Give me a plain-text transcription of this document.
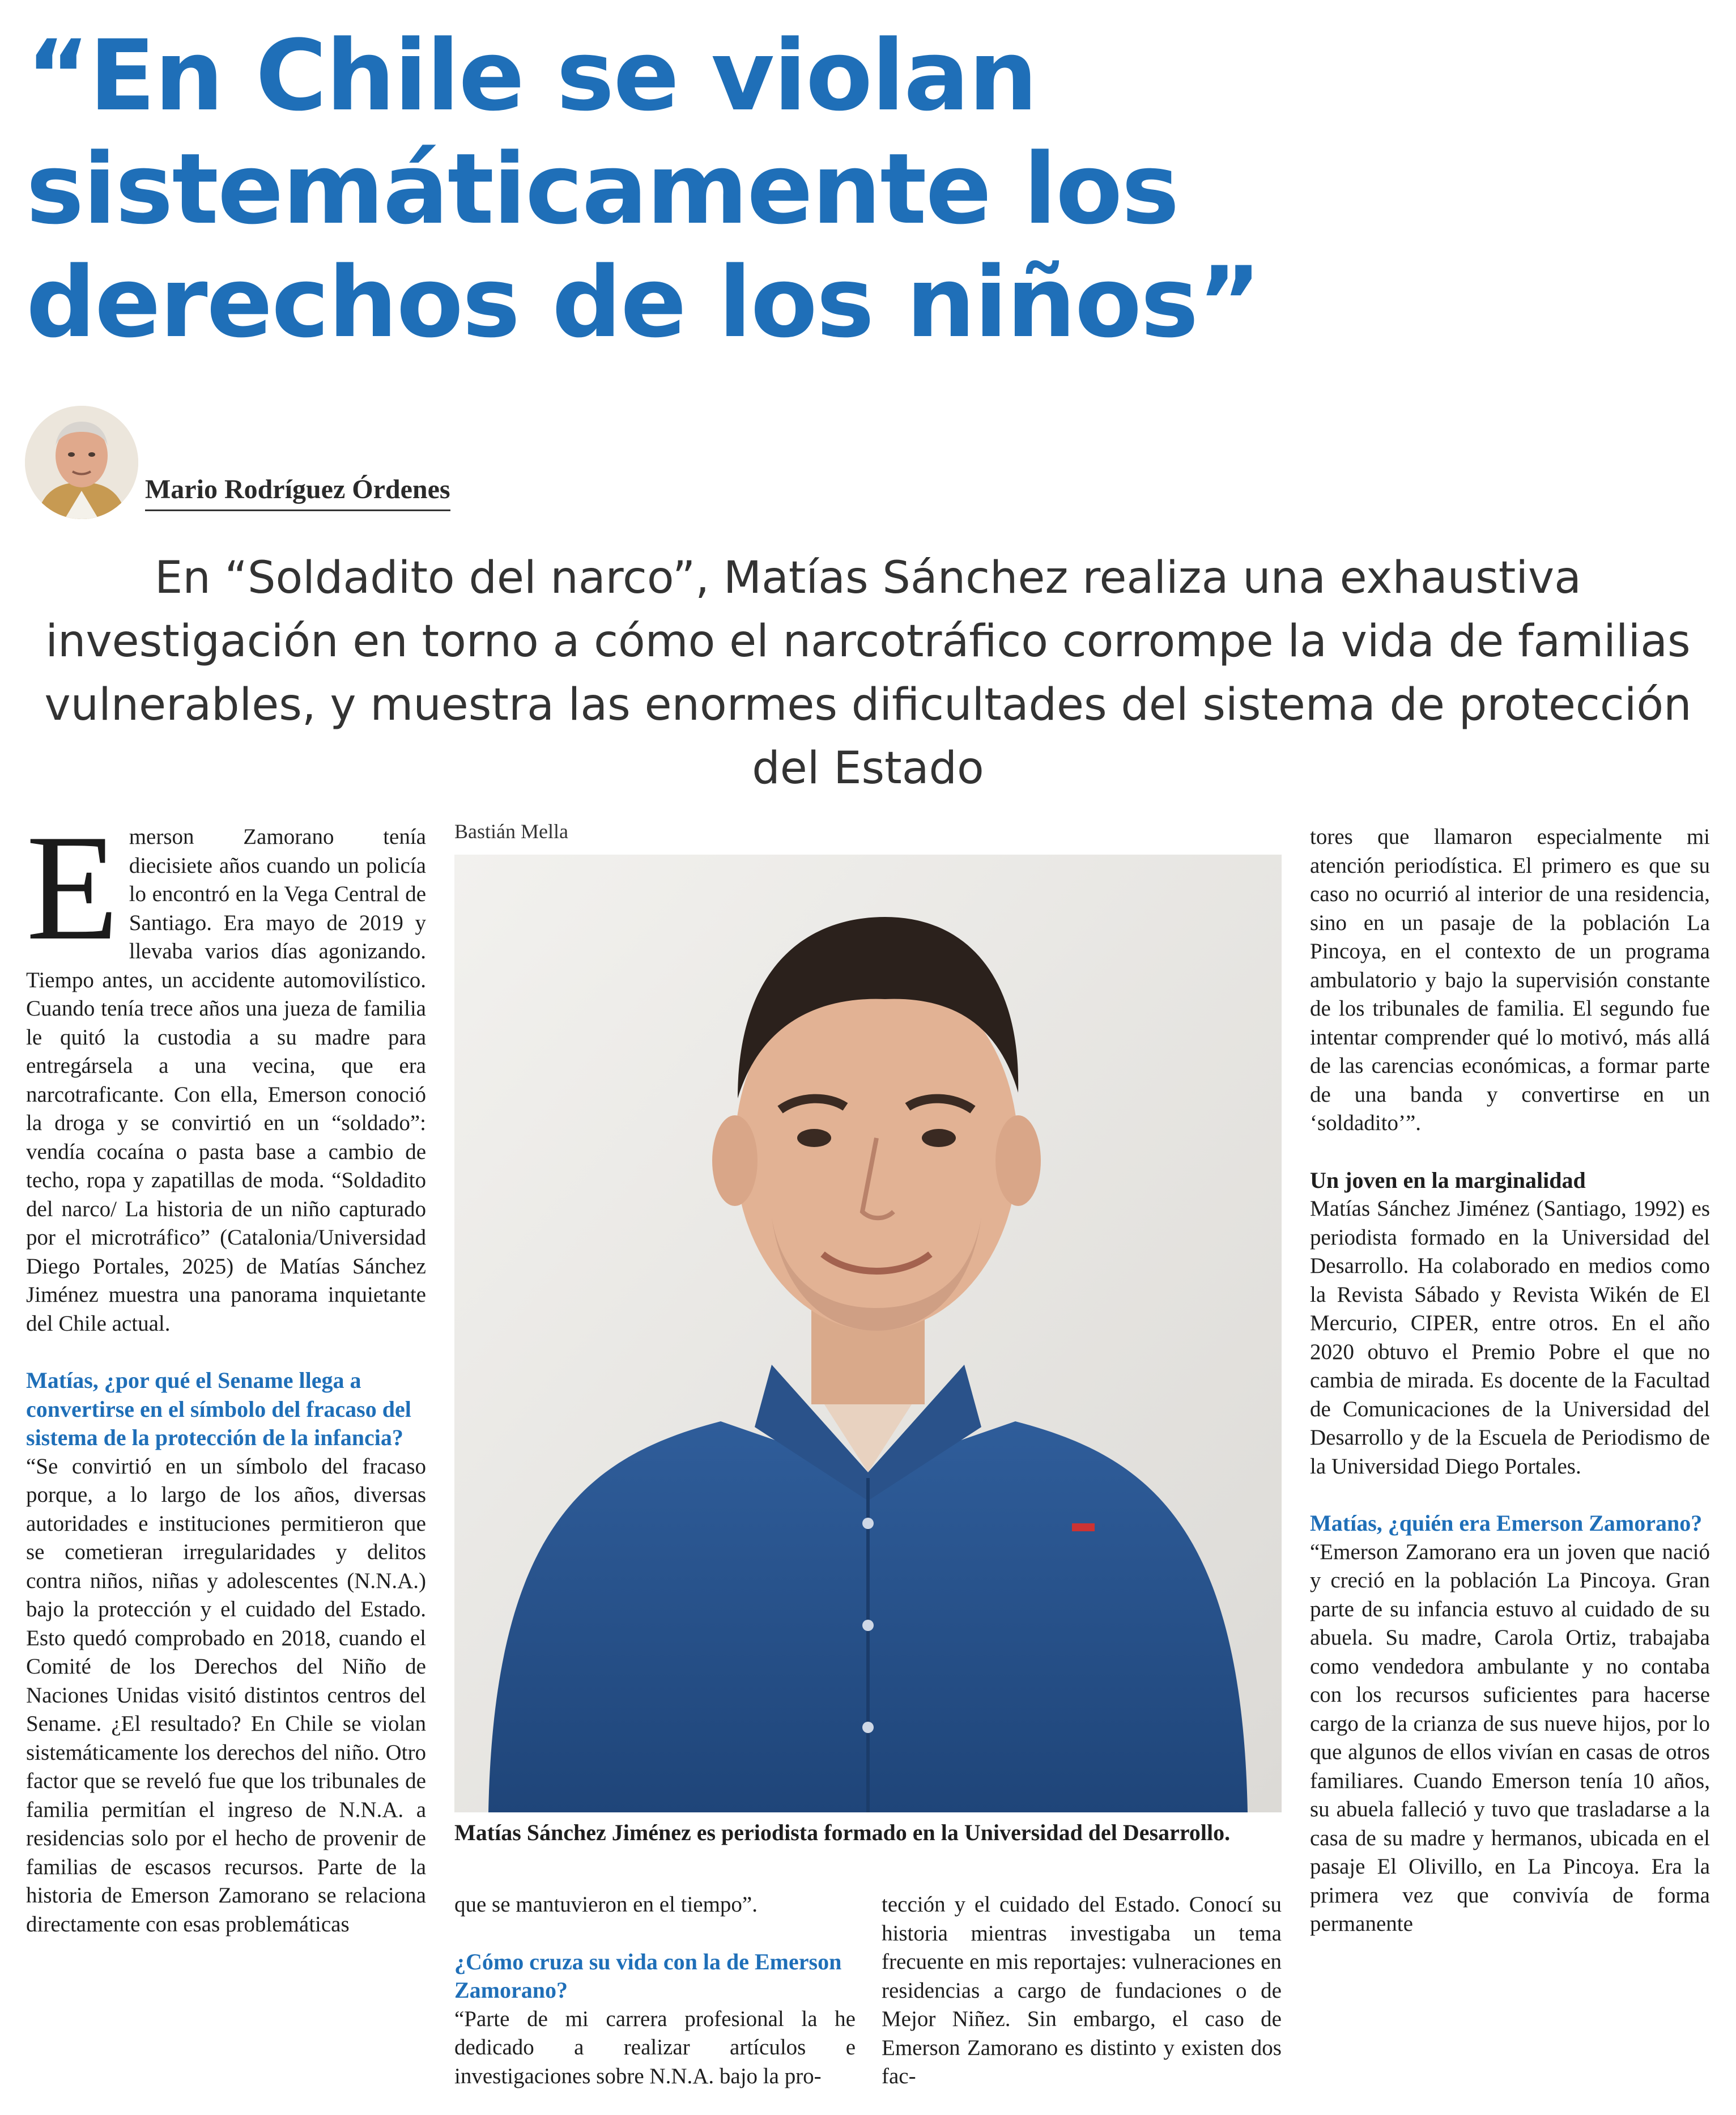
“En Chile se violan sistemáticamente los derechos de los niños”
Mario Rodríguez Órdenes

En “Soldadito del narco”, Matías Sánchez realiza una exhaustiva investigación en torno a cómo el narcotráfico corrompe la vida de familias vulnerables, y muestra las enormes dificultades del sistema de protección del Estado

E merson Zamorano tenía diecisiete años cuando un policía lo encontró en la Vega Central de Santiago. Era mayo de 2019 y llevaba varios días agonizando. Tiempo antes, un accidente automovilístico. Cuando tenía trece años una jueza de familia le quitó la custodia a su madre para entregársela a una vecina, que era narcotraficante. Con ella, Emerson conoció la droga y se convirtió en un “soldado”: vendía cocaína o pasta base a cambio de techo, ropa y zapatillas de moda. “Soldadito del narco/ La historia de un niño capturado por el microtráfico” (Catalonia/Universidad Diego Portales, 2025) de Matías Sánchez Jiménez muestra una panorama inquietante del Chile actual.

Matías, ¿por qué el Sename llega a convertirse en el símbolo del fracaso del sistema de la protección de la infancia?

“Se convirtió en un símbolo del fracaso porque, a lo largo de los años, diversas autoridades e instituciones permitieron que se cometieran irregularidades y delitos contra niños, niñas y adolescentes (N.N.A.) bajo la protección y el cuidado del Estado. Esto quedó comprobado en 2018, cuando el Comité de los Derechos del Niño de Naciones Unidas visitó distintos centros del Sename. ¿El resultado? En Chile se violan sistemáticamente los derechos del niño. Otro factor que se reveló fue que los tribunales de familia permitían el ingreso de N.N.A. a residencias solo por el hecho de provenir de familias de escasos recursos. Parte de la historia de Emerson Zamorano se relaciona directamente con esas problemáticas

Bastián Mella

Matías Sánchez Jiménez es periodista formado en la Universidad del Desarrollo.

que se mantuvieron en el tiempo”.

¿Cómo cruza su vida con la de Emerson Zamorano?

“Parte de mi carrera profesional la he dedicado a realizar artículos e investigaciones sobre N.N.A. bajo la pro-

tección y el cuidado del Estado. Conocí su historia mientras investigaba un tema frecuente en mis reportajes: vulneraciones en residencias a cargo de fundaciones o de Mejor Niñez. Sin embargo, el caso de Emerson Zamorano es distinto y existen dos fac-

tores que llamaron especialmente mi atención periodística. El primero es que su caso no ocurrió al interior de una residencia, sino en un pasaje de la población La Pincoya, en el contexto de un programa ambulatorio y bajo la supervisión constante de los tribunales de familia. El segundo fue intentar comprender qué lo motivó, más allá de las carencias económicas, a formar parte de una banda y convertirse en un ‘soldadito’”.

Un joven en la marginalidad

Matías Sánchez Jiménez (Santiago, 1992) es periodista formado en la Universidad del Desarrollo. Ha colaborado en medios como la Revista Sábado y Revista Wikén de El Mercurio, CIPER, entre otros. En el año 2020 obtuvo el Premio Pobre el que no cambia de mirada. Es docente de la Facultad de Comunicaciones de la Universidad del Desarrollo y de la Escuela de Periodismo de la Universidad Diego Portales.

Matías, ¿quién era Emerson Zamorano?

“Emerson Zamorano era un joven que nació y creció en la población La Pincoya. Gran parte de su infancia estuvo al cuidado de su abuela. Su madre, Carola Ortiz, trabajaba como vendedora ambulante y no contaba con los recursos suficientes para hacerse cargo de la crianza de sus nueve hijos, por lo que algunos de ellos vivían en casas de otros familiares. Cuando Emerson tenía 10 años, su abuela falleció y tuvo que trasladarse a la casa de su madre y hermanos, ubicada en el pasaje El Olivillo, en La Pincoya. Era la primera vez que convivía de forma permanente
